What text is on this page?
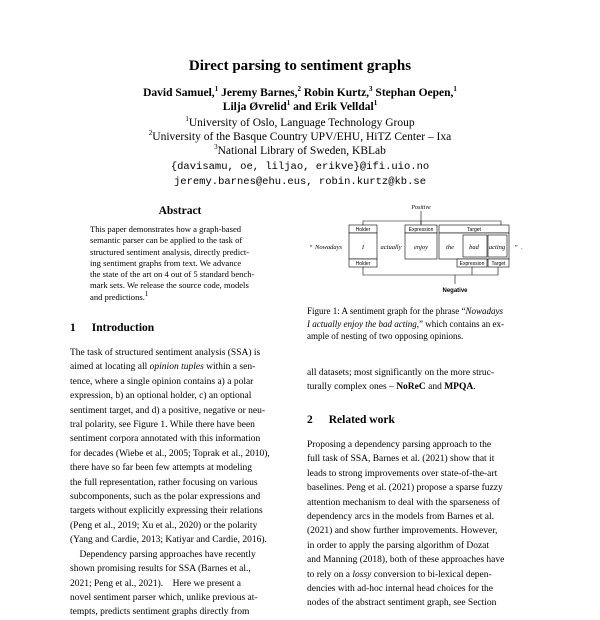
Direct parsing to sentiment graphs
David Samuel,$^1$ Jeremy Barnes,$^2$ Robin Kurtz,$^3$ Stephan Oepen,$^1$
Lilja Øvrelid$^1$ and Erik Velldal$^1$
$^1$University of Oslo, Language Technology Group
$^2$University of the Basque Country UPV/EHU, HiTZ Center – Ixa
$^3$National Library of Sweden, KBLab
{davisamu, oe, liljao, erikve}@ifi.uio.no
jeremy.barnes@ehu.eus, robin.kurtz@kb.se
Abstract
This paper demonstrates how a graph-based
semantic parser can be applied to the task of
structured sentiment analysis, directly predict-
ing sentiment graphs from text. We advance
the state of the art on 4 out of 5 standard bench-
mark sets. We release the source code, models
and predictions.$^1$
Positive
Holder	Expression	Target
“ Nowadays	I	actually enjoy	the bad acting ” .
Holder	Expression Target
Negative
Figure 1: A sentiment graph for the phrase “Nowadays
I actually enjoy the bad acting,” which contains an ex-
ample of nesting of two opposing opinions.
1 Introduction
The task of structured sentiment analysis (SSA) is
aimed at locating all opinion tuples within a sen-
tence, where a single opinion contains a) a polar
expression, b) an optional holder, c) an optional
sentiment target, and d) a positive, negative or neu-
tral polarity, see Figure 1. While there have been
sentiment corpora annotated with this information
for decades (Wiebe et al., 2005; Toprak et al., 2010),
there have so far been few attempts at modeling
the full representation, rather focusing on various
subcomponents, such as the polar expressions and
targets without explicitly expressing their relations
(Peng et al., 2019; Xu et al., 2020) or the polarity
(Yang and Cardie, 2013; Katiyar and Cardie, 2016).
Dependency parsing approaches have recently
shown promising results for SSA (Barnes et al.,
2021; Peng et al., 2021).    Here we present a
novel sentiment parser which, unlike previous at-
tempts, predicts sentiment graphs directly from
all datasets; most significantly on the more struc-
turally complex ones – NoReC and MPQA.
2 Related work
Proposing a dependency parsing approach to the
full task of SSA, Barnes et al. (2021) show that it
leads to strong improvements over state-of-the-art
baselines. Peng et al. (2021) propose a sparse fuzzy
attention mechanism to deal with the sparseness of
dependency arcs in the models from Barnes et al.
(2021) and show further improvements. However,
in order to apply the parsing algorithm of Dozat
and Manning (2018), both of these approaches have
to rely on a lossy conversion to bi-lexical depen-
dencies with ad-hoc internal head choices for the
nodes of the abstract sentiment graph, see Section
